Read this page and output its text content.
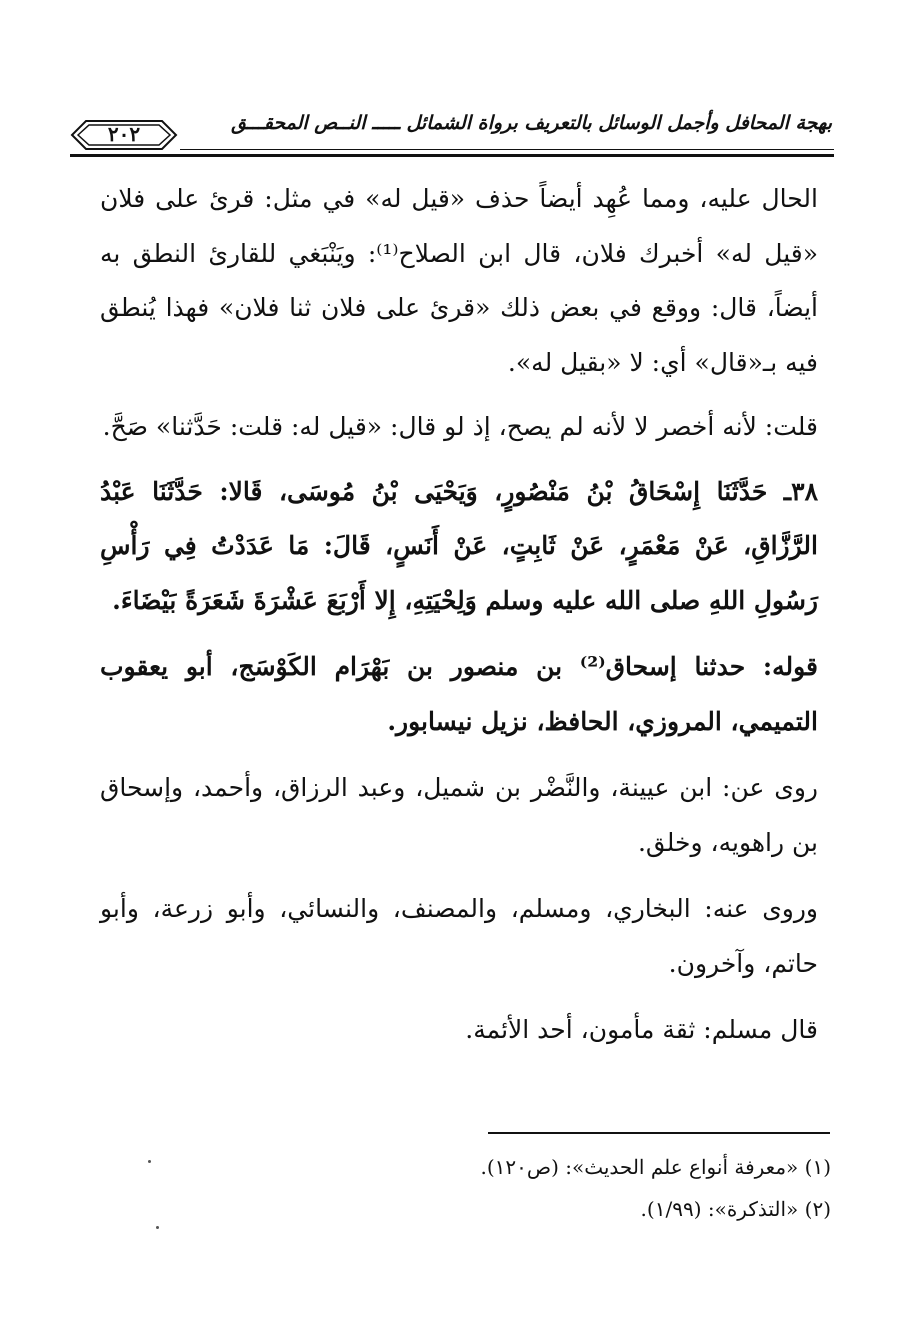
بهجة المحافل وأجمل الوسائل بالتعريف برواة الشمائل ـــــ النــص المحقـــق
٢٠٢

الحال عليه، ومما عُهِد أيضاً حذف «قيل له» في مثل: قرئ على فلان «قيل له» أخبرك فلان، قال ابن الصلاح⁽¹⁾: ويَنْبَغي للقارئ النطق به أيضاً، قال: ووقع في بعض ذلك «قرئ على فلان ثنا فلان» فهذا يُنطق فيه بـ«قال» أي: لا «بقيل له».

قلت: لأنه أخصر لا لأنه لم يصح، إذ لو قال: «قيل له: قلت: حَدَّثنا» صَحَّ.

٣٨ـ حَدَّثَنَا إِسْحَاقُ بْنُ مَنْصُورٍ، وَيَحْيَى بْنُ مُوسَى، قَالا: حَدَّثَنَا عَبْدُ الرَّزَّاقِ، عَنْ مَعْمَرٍ، عَنْ ثَابِتٍ، عَنْ أَنَسٍ، قَالَ: مَا عَدَدْتُ فِي رَأْسِ رَسُولِ اللهِ صلى الله عليه وسلم وَلِحْيَتِهِ، إِلا أَرْبَعَ عَشْرَةَ شَعَرَةً بَيْضَاءَ.

قوله: حدثنا إسحاق⁽²⁾ بن منصور بن بَهْرَام الكَوْسَج، أبو يعقوب التميمي، المروزي، الحافظ، نزيل نيسابور.

روى عن: ابن عيينة، والنَّضْر بن شميل، وعبد الرزاق، وأحمد، وإسحاق بن راهويه، وخلق.

وروى عنه: البخاري، ومسلم، والمصنف، والنسائي، وأبو زرعة، وأبو حاتم، وآخرون.

قال مسلم: ثقة مأمون، أحد الأئمة.

(١) «معرفة أنواع علم الحديث»: (ص١٢٠).

(٢) «التذكرة»: (١/٩٩).
